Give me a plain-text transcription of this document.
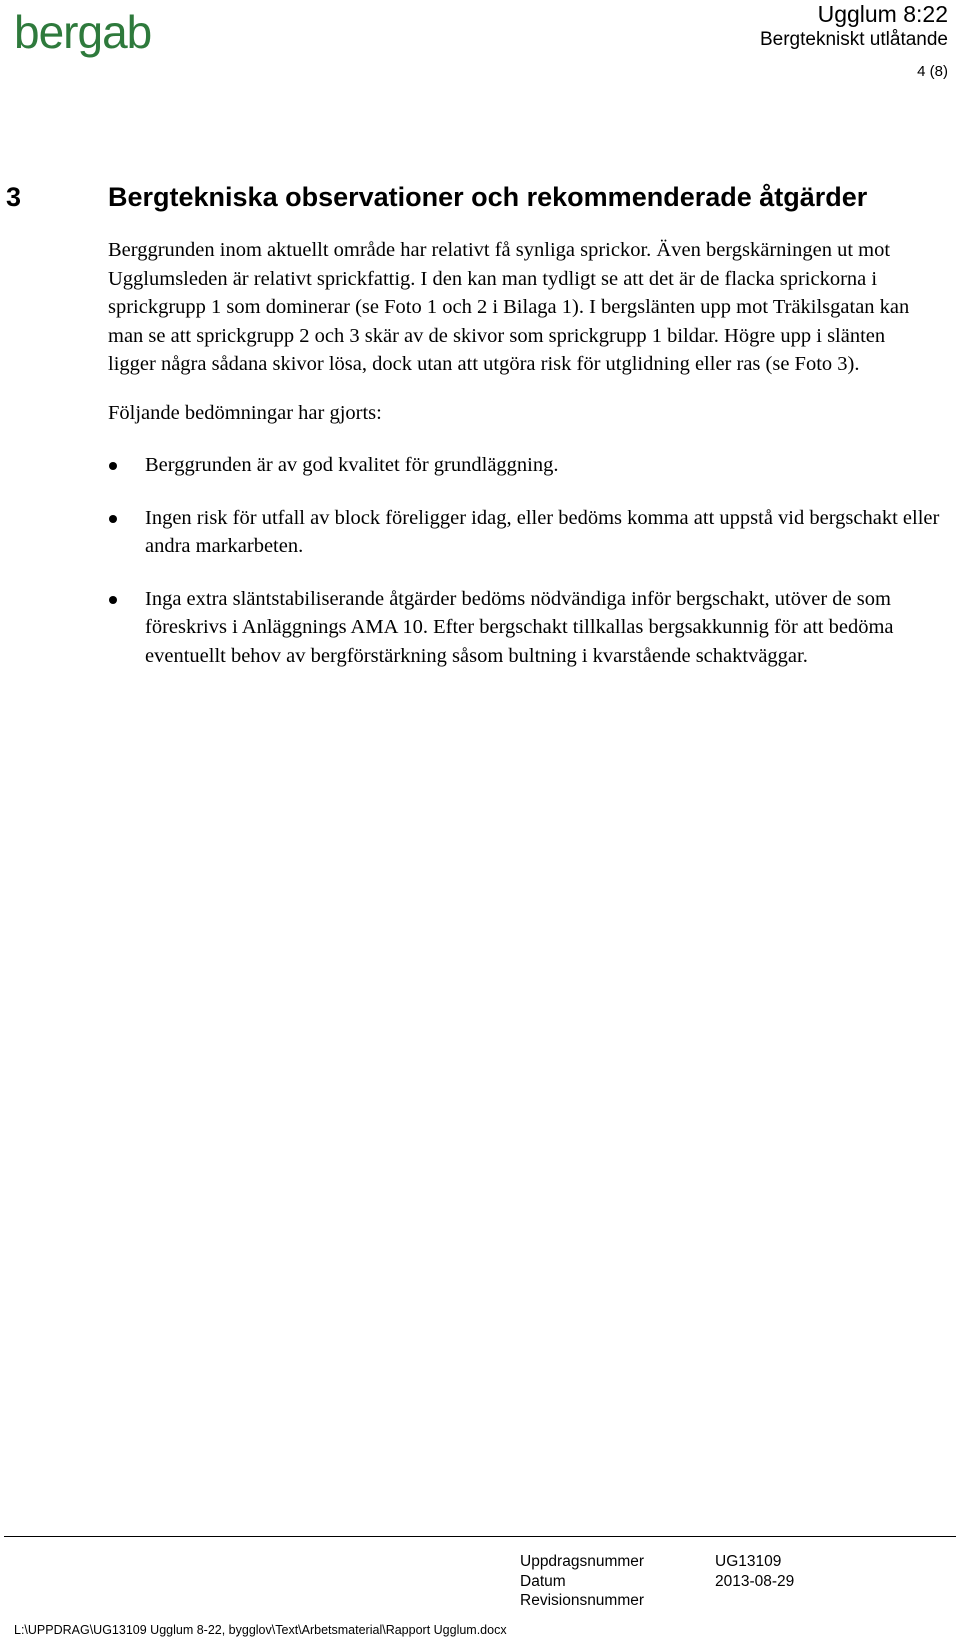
bergab	Ugglum 8:22
Bergtekniskt utlåtande
4 (8)
3	Bergtekniska observationer och rekommenderade åtgärder

Berggrunden inom aktuellt område har relativt få synliga sprickor. Även bergskärningen ut mot Ugglumsleden är relativt sprickfattig. I den kan man tydligt se att det är de flacka sprickorna i sprickgrupp 1 som dominerar (se Foto 1 och 2 i Bilaga 1). I bergslänten upp mot Träkilsgatan kan man se att sprickgrupp 2 och 3 skär av de skivor som sprickgrupp 1 bildar. Högre upp i slänten ligger några sådana skivor lösa, dock utan att utgöra risk för utglidning eller ras (se Foto 3).

Följande bedömningar har gjorts:

Berggrunden är av god kvalitet för grundläggning.
Ingen risk för utfall av block föreligger idag, eller bedöms komma att uppstå vid bergschakt eller andra markarbeten.
Inga extra släntstabiliserande åtgärder bedöms nödvändiga inför bergschakt, utöver de som föreskrivs i Anläggnings AMA 10. Efter bergschakt tillkallas bergsakkunnig för att bedöma eventuellt behov av bergförstärkning såsom bultning i kvarstående schaktväggar.
Uppdragsnummer	UG13109
Datum	2013-08-29
Revisionsnummer
L:\UPPDRAG\UG13109 Ugglum 8-22, bygglov\Text\Arbetsmaterial\Rapport Ugglum.docx
